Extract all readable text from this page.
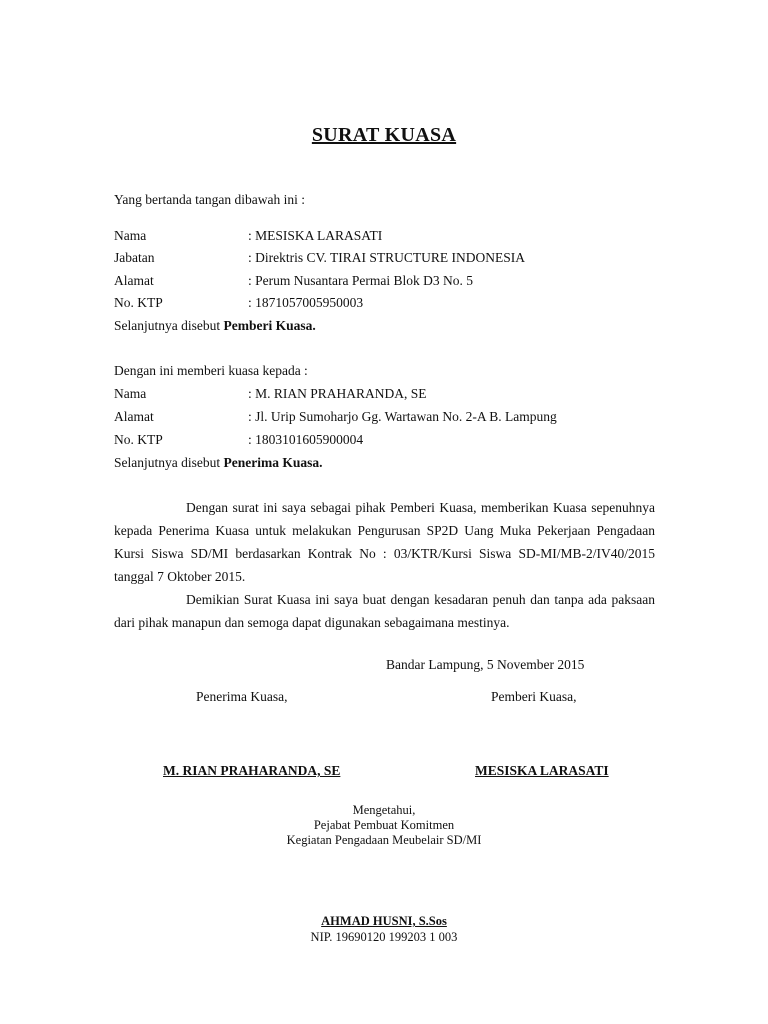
SURAT KUASA
Yang bertanda tangan dibawah ini :
Nama	: MESISKA LARASATI
Jabatan	: Direktris CV. TIRAI STRUCTURE INDONESIA
Alamat	: Perum Nusantara Permai Blok D3 No. 5
No. KTP	: 1871057005950003
Selanjutnya disebut Pemberi Kuasa.
Dengan ini memberi kuasa kepada :
Nama	: M. RIAN PRAHARANDA, SE
Alamat	: Jl. Urip Sumoharjo Gg. Wartawan No. 2-A B. Lampung
No. KTP	: 1803101605900004
Selanjutnya disebut Penerima Kuasa.
Dengan surat ini saya sebagai pihak Pemberi Kuasa, memberikan Kuasa sepenuhnya kepada Penerima Kuasa untuk melakukan Pengurusan SP2D Uang Muka Pekerjaan Pengadaan Kursi Siswa SD/MI berdasarkan Kontrak No : 03/KTR/Kursi Siswa SD-MI/MB-2/IV40/2015 tanggal 7 Oktober 2015.
Demikian Surat Kuasa ini saya buat dengan kesadaran penuh dan tanpa ada paksaan dari pihak manapun dan semoga dapat digunakan sebagaimana mestinya.
Bandar Lampung, 5 November 2015
Penerima Kuasa,	Pemberi Kuasa,
M. RIAN PRAHARANDA, SE	MESISKA LARASATI
Mengetahui,
Pejabat Pembuat Komitmen
Kegiatan Pengadaan Meubelair SD/MI
AHMAD HUSNI, S.Sos
NIP. 19690120 199203 1 003
